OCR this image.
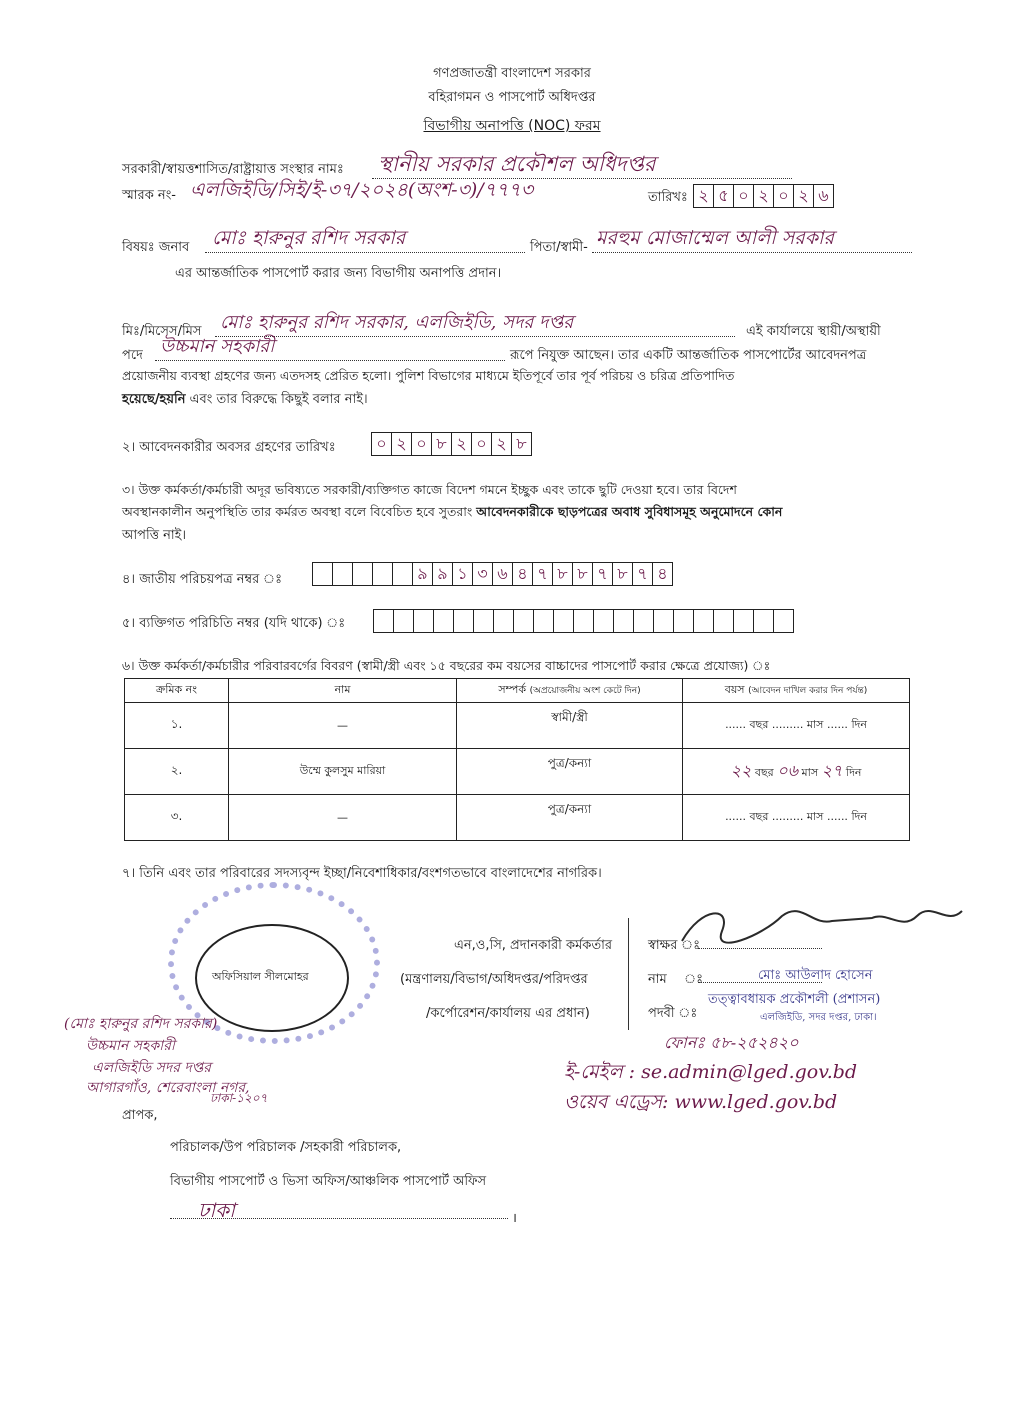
গণপ্রজাতন্ত্রী বাংলাদেশ সরকার
বহিরাগমন ও পাসপোর্ট অধিদপ্তর
বিভাগীয় অনাপত্তি (NOC) ফরম
সরকারী/স্বায়ত্তশাসিত/রাষ্ট্রায়াত্ত সংস্থার নামঃ স্থানীয় সরকার প্রকৌশল অধিদপ্তর
স্মারক নং- এলজিইডি/সিই/ই-৩৭/২০২৪(অংশ-৩)/৭৭৭৩	তারিখঃ ২ ৫ ০ ২ ০ ২ ৬
বিষয়ঃ জনাব মোঃ হারুনুর রশিদ সরকার	পিতা/স্বামী- মরহুম মোজাম্মেল আলী সরকার
এর আন্তর্জাতিক পাসপোর্ট করার জন্য বিভাগীয় অনাপত্তি প্রদান।
মিঃ/মিসেস/মিস মোঃ হারুনুর রশিদ সরকার, এলজিইডি, সদর দপ্তর	এই কার্যালয়ে স্থায়ী/অস্থায়ী
পদে উচ্চমান সহকারী	রূপে নিযুক্ত আছেন। তার একটি আন্তর্জাতিক পাসপোর্টের আবেদনপত্র
প্রয়োজনীয় ব্যবস্থা গ্রহণের জন্য এতদসহ প্রেরিত হলো। পুলিশ বিভাগের মাধ্যমে ইতিপূর্বে তার পূর্ব পরিচয় ও চরিত্র প্রতিপাদিত
হয়েছে/হয়নি এবং তার বিরুদ্ধে কিছুই বলার নাই।
২। আবেদনকারীর অবসর গ্রহণের তারিখঃ	০ ২ ০ ৮ ২ ০ ২ ৮
৩। উক্ত কর্মকর্তা/কর্মচারী অদূর ভবিষ্যতে সরকারী/ব্যক্তিগত কাজে বিদেশ গমনে ইচ্ছুক এবং তাকে ছুটি দেওয়া হবে। তার বিদেশ
অবস্থানকালীন অনুপস্থিতি তার কর্মরত অবস্থা বলে বিবেচিত হবে সুতরাং আবেদনকারীকে ছাড়পত্রের অবাধ সুবিধাসমূহ অনুমোদনে কোন
আপত্তি নাই।
৪। জাতীয় পরিচয়পত্র নম্বর ঃ	৯ ৯ ১ ৩ ৬ ৪ ৭ ৮ ৮ ৭ ৮ ৭ ৪
৫। ব্যক্তিগত পরিচিতি নম্বর (যদি থাকে) ঃ
৬। উক্ত কর্মকর্তা/কর্মচারীর পরিবারবর্গের বিবরণ (স্বামী/স্ত্রী এবং ১৫ বছরের কম বয়সের বাচ্চাদের পাসপোর্ট করার ক্ষেত্রে প্রযোজ্য) ঃ
ক্রমিক নং	নাম	সম্পর্ক (অপ্রয়োজনীয় অংশ কেটে দিন)	বয়স (আবেদন দাখিল করার দিন পর্যন্ত)
১.	—	স্বামী/স্ত্রী	...... বছর ......... মাস ...... দিন
২.	উম্মে কুলসুম মারিয়া	পুত্র/কন্যা	২২ বছর ০৬ মাস ২৭ দিন
৩.	—	পুত্র/কন্যা	...... বছর ......... মাস ...... দিন
৭। তিনি এবং তার পরিবারের সদস্যবৃন্দ ইচ্ছা/নিবেশাধিকার/বংশগতভাবে বাংলাদেশের নাগরিক।
অফিসিয়াল সীলমোহর
এন,ও,সি, প্রদানকারী কর্মকর্তার
(মন্ত্রণালয়/বিভাগ/অধিদপ্তর/পরিদপ্তর
/কর্পোরেশন/কার্যালয় এর প্রধান)
স্বাক্ষর ঃ
নাম ঃ	মোঃ আউলাদ হোসেন
পদবী ঃ
তত্ত্বাবধায়ক প্রকৌশলী (প্রশাসন)
এলজিইডি, সদর দপ্তর, ঢাকা।
ফোনঃ ৫৮-২৫২৪২০
ই-মেইল : se.admin@lged.gov.bd
ওয়েব এড্রেস: www.lged.gov.bd
(মোঃ হারুনুর রশিদ সরকার)
উচ্চমান সহকারী
এলজিইডি সদর দপ্তর
আগারগাঁও, শেরেবাংলা নগর,
ঢাকা-১২০৭
প্রাপক,
পরিচালক/উপ পরিচালক /সহকারী পরিচালক,
বিভাগীয় পাসপোর্ট ও ভিসা অফিস/আঞ্চলিক পাসপোর্ট অফিস
ঢাকা	।
